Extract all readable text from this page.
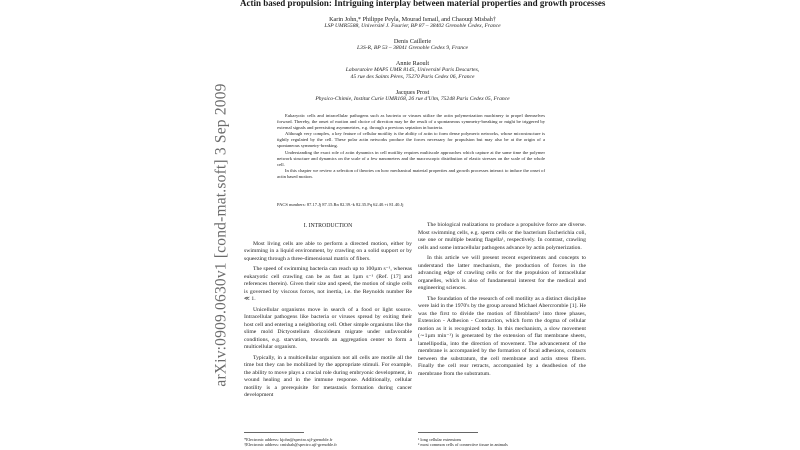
arXiv:0909.0630v1 [cond-mat.soft] 3 Sep 2009
Actin based propulsion: Intriguing interplay between material properties and growth processes
Karin John,* Philippe Peyla, Mourad Ismail, and Chaouqi Misbah†
LSP UMR5588, Université J. Fourier, BP 87 – 38402 Grenoble Cedex, France
Denis Caillerie
L3S-R, BP 53 – 38041 Grenoble Cedex 9, France
Annie Raoult
Laboratoire MAP5 UMR 8145, Université Paris Descartes,
45 rue des Saints Pères, 75270 Paris Cedex 06, France
Jacques Prost
Physico-Chimie, Institut Curie UMR168, 26 rue d'Ulm, 75248 Paris Cedex 05, France

Eukaryotic cells and intracellular pathogens such as bacteria or viruses utilize the actin polymerization machinery to propel themselves forward. Thereby, the onset of motion and choice of direction may be the result of a spontaneous symmetry-breaking or might be triggered by external signals and preexisting asymmetries, e.g. through a previous septation in bacteria.

Although very complex, a key feature of cellular motility is the ability of actin to form dense polymeric networks, whose microstructure is tightly regulated by the cell. These polar actin networks produce the forces necessary for propulsion but may also be at the origin of a spontaneous symmetry-breaking.

Understanding the exact role of actin dynamics in cell motility requires multiscale approaches which capture at the same time the polymer network structure and dynamics on the scale of a few nanometers and the macroscopic distribution of elastic stresses on the scale of the whole cell.

In this chapter we review a selection of theories on how mechanical material properties and growth processes interact to induce the onset of actin based motion.

PACS numbers: 87.17.Jj 87.15.Rn 82.39.-k 82.35.Pq 62.40.+i 81.40.Jj
I. INTRODUCTION

Most living cells are able to perform a directed motion, either by swimming in a liquid environment, by crawling on a solid support or by squeezing through a three-dimensional matrix of fibers.

The speed of swimming bacteria can reach up to 100µm s⁻¹, whereas eukaryotic cell crawling can be as fast as 1µm s⁻¹ (Ref. [17] and references therein). Given their size and speed, the motion of single cells is governed by viscous forces, not inertia, i.e. the Reynolds number Re ≪ 1.

Unicellular organisms move in search of a food or light source. Intracellular pathogens like bacteria or viruses spread by exiting their host cell and entering a neighboring cell. Other simple organisms like the slime mold Dictyostelium discoideum migrate under unfavorable conditions, e.g. starvation, towards an aggregation center to form a multicellular organism.

Typically, in a multicellular organism not all cells are motile all the time but they can be mobilized by the appropriate stimuli. For example, the ability to move plays a crucial role during embryonic development, in wound healing and in the immune response. Additionally, cellular motility is a prerequisite for metastasis formation during cancer development

The biological realizations to produce a propulsive force are diverse. Most swimming cells, e.g. sperm cells or the bacterium Escherichia coli, use one or multiple beating flagella¹, respectively. In contrast, crawling cells and some intracellular pathogens advance by actin polymerization.

In this article we will present recent experiments and concepts to understand the latter mechanism, the production of forces in the advancing edge of crawling cells or for the propulsion of intracellular organelles, which is also of fundamental interest for the medical and engineering sciences.

The foundation of the research of cell motility as a distinct discipline were laid in the 1970's by the group around Michael Abercrombie [1]. He was the first to divide the motion of fibroblasts² into three phases, Extension - Adhesion - Contraction, which form the dogma of cellular motion as it is recognized today. In this mechanism, a slow movement (∼1µm min⁻¹) is generated by the extension of flat membrane sheets, lamellipodia, into the direction of movement. The advancement of the membrane is accompanied by the formation of focal adhesions, contacts between the substratum, the cell membrane and actin stress fibers. Finally the cell rear retracts, accompanied by a deadhesion of the membrane from the substratum.

*Electronic address: kjohn@spectro.ujf-grenoble.fr
†Electronic address: cmisbah@spectro.ujf-grenoble.fr
¹ long cellular extensions
² most common cells of connective tissue in animals
